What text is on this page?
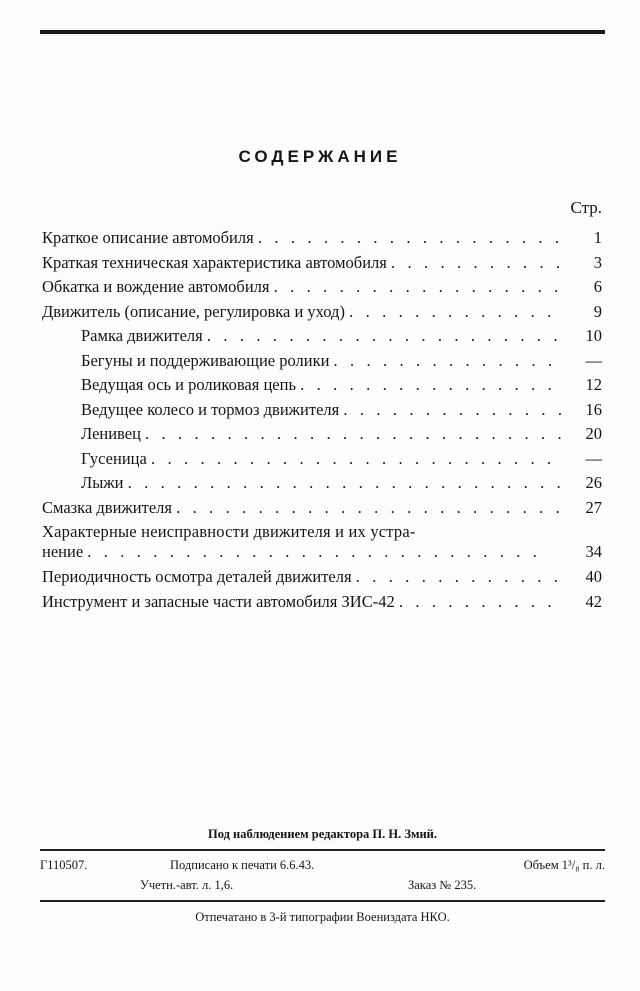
СОДЕРЖАНИЕ
Стр.
Краткое описание автомобиля . .	1
Краткая техническая характеристика автомобиля . .	3
Обкатка и вождение автомобиля . .	6
Движитель (описание, регулировка и уход) . .	9
Рамка движителя . .	10
Бегуны и поддерживающие ролики . .	—
Ведущая ось и роликовая цепь . .	12
Ведущее колесо и тормоз движителя . .	16
Ленивец . .	20
Гусеница . .	—
Лыжи . .	26
Смазка движителя . .	27
Характерные неисправности движителя и их устра-
нение . .	34
Периодичность осмотра деталей движителя . .	40
Инструмент и запасные части автомобиля ЗИС-42 . .	42
Под наблюдением редактора П. Н. Змий.
Г110507.	Подписано к печати 6.6.43.	Объем 1³/₈ п. л.
Учетн.-авт. л. 1,6.	Заказ № 235.
Отпечатано в 3-й типографии Воениздата НКО.
